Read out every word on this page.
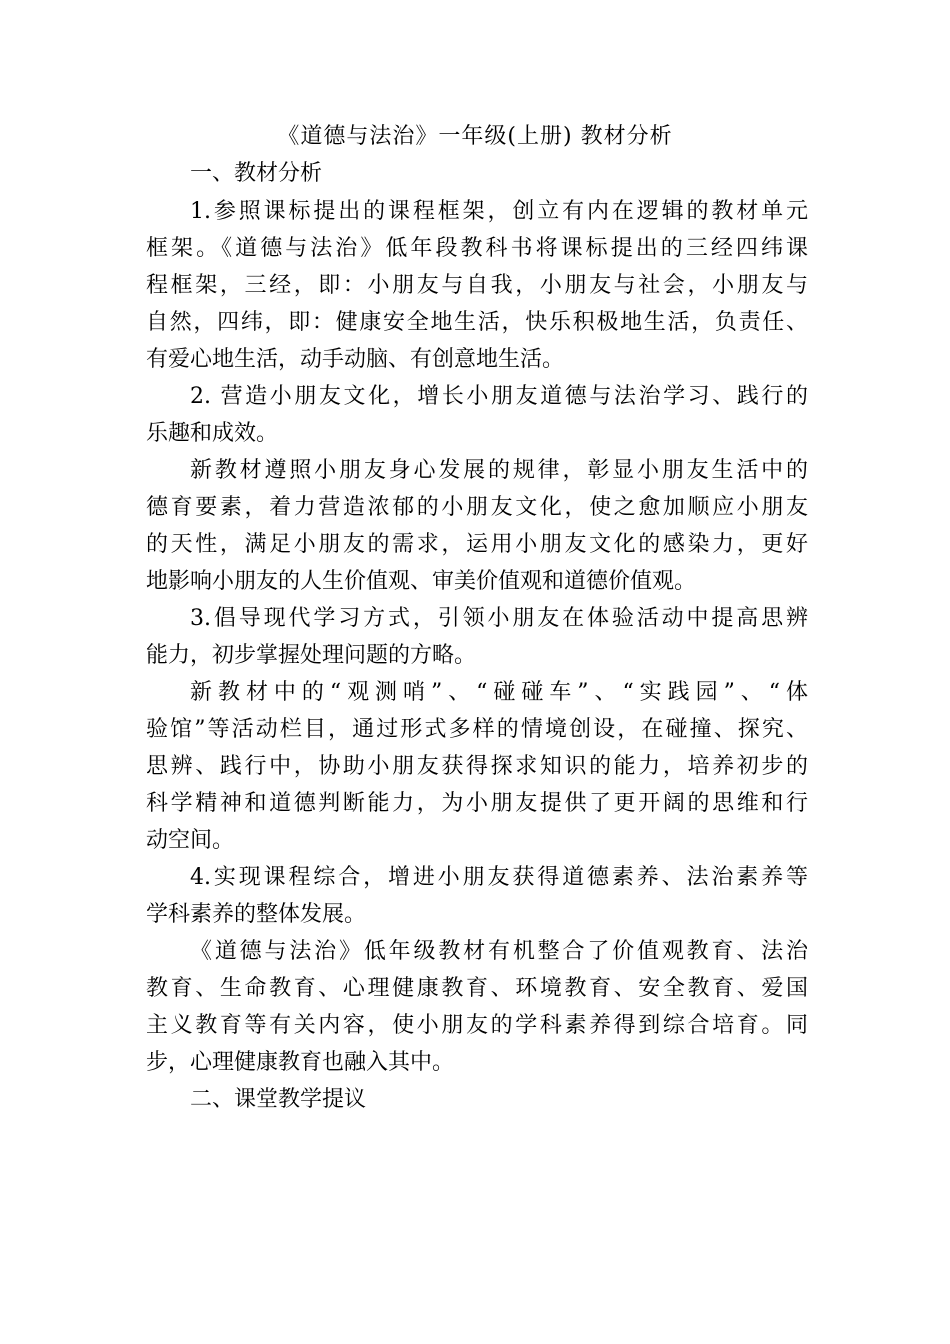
《道德与法治》一年级(上册) 教材分析
一、教材分析
1.参照课标提出的课程框架，创立有内在逻辑的教材单元
框架。《道德与法治》低年段教科书将课标提出的三经四纬课
程框架，三经，即：小朋友与自我，小朋友与社会，小朋友与
自然，四纬，即：健康安全地生活，快乐积极地生活，负责任、
有爱心地生活，动手动脑、有创意地生活。
2. 营造小朋友文化，增长小朋友道德与法治学习、践行的
乐趣和成效。
新教材遵照小朋友身心发展的规律，彰显小朋友生活中的
德育要素，着力营造浓郁的小朋友文化，使之愈加顺应小朋友
的天性，满足小朋友的需求，运用小朋友文化的感染力，更好
地影响小朋友的人生价值观、审美价值观和道德价值观。
3.倡导现代学习方式，引领小朋友在体验活动中提高思辨
能力，初步掌握处理问题的方略。
新教材中的“观测哨”、“碰碰车”、“实践园”、“体
验馆”等活动栏目，通过形式多样的情境创设，在碰撞、探究、
思辨、践行中，协助小朋友获得探求知识的能力，培养初步的
科学精神和道德判断能力，为小朋友提供了更开阔的思维和行
动空间。
4.实现课程综合，增进小朋友获得道德素养、法治素养等
学科素养的整体发展。
《道德与法治》低年级教材有机整合了价值观教育、法治
教育、生命教育、心理健康教育、环境教育、安全教育、爱国
主义教育等有关内容，使小朋友的学科素养得到综合培育。同
步，心理健康教育也融入其中。
二、课堂教学提议
